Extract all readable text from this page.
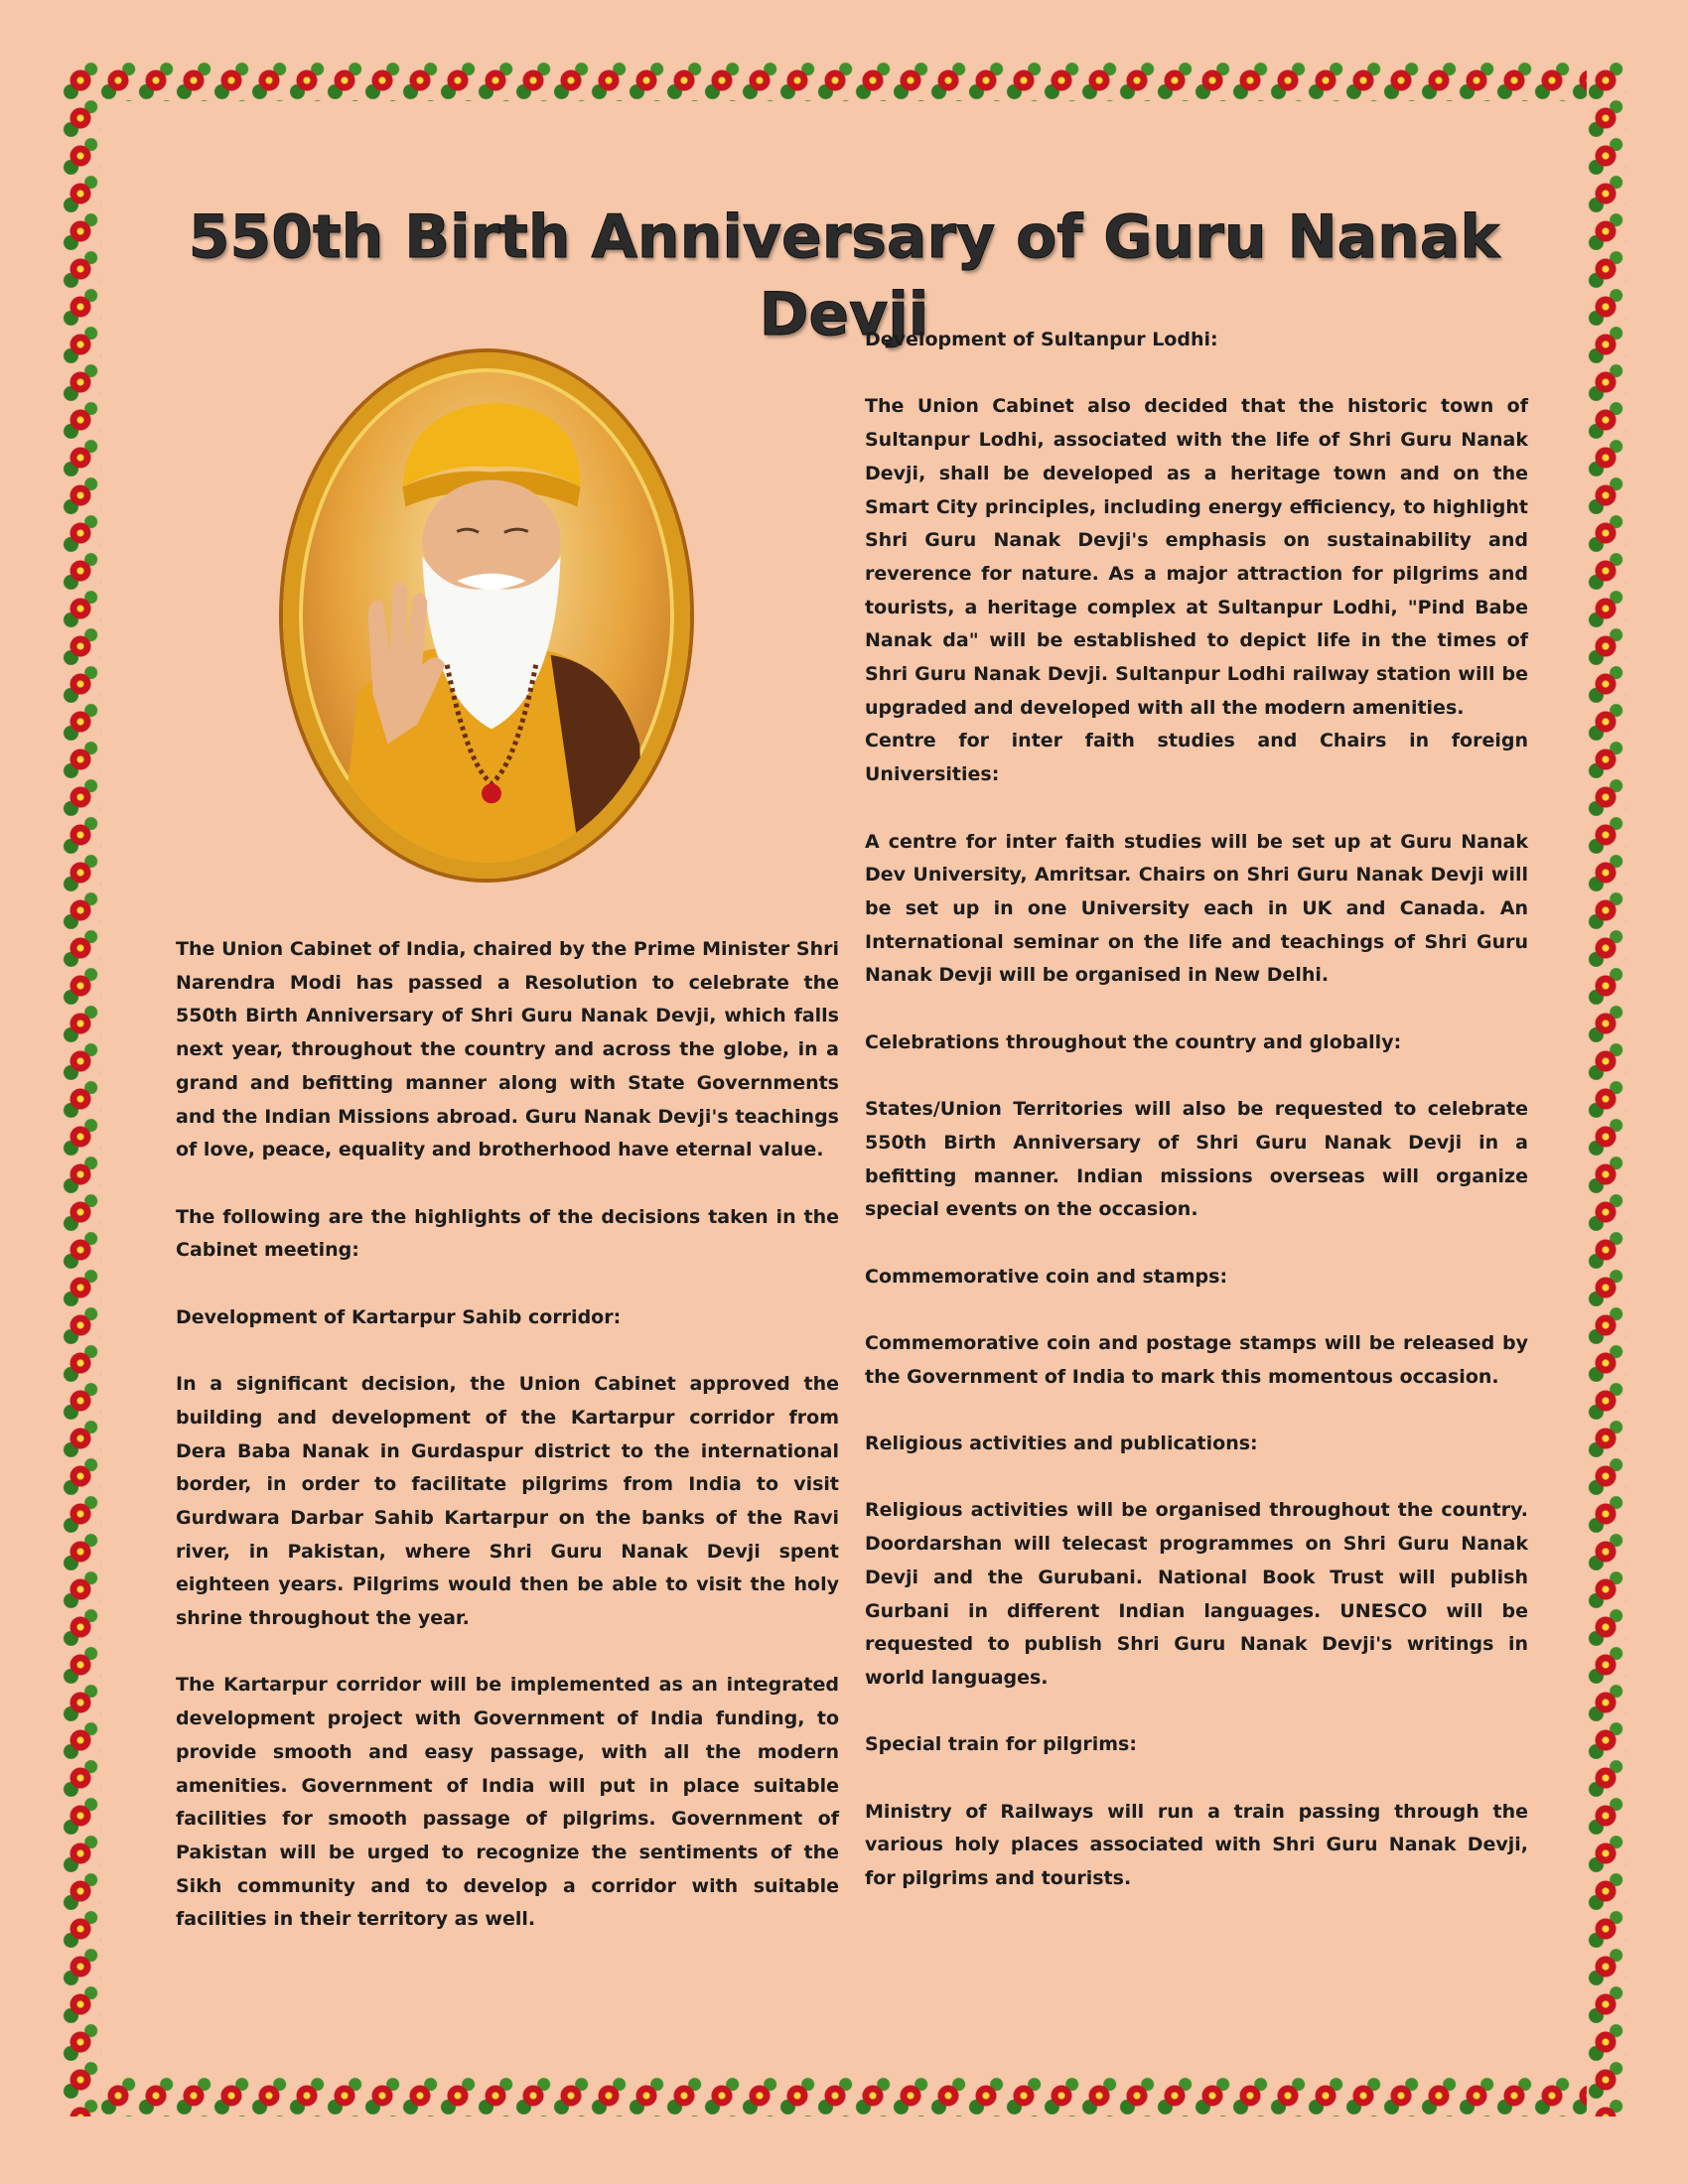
550th Birth Anniversary of Guru Nanak Devji

The Union Cabinet of India, chaired by the Prime Minister Shri Narendra Modi has passed a Resolution to celebrate the 550th Birth Anniversary of Shri Guru Nanak Devji, which falls next year, throughout the country and across the globe, in a grand and befitting manner along with State Governments and the Indian Missions abroad. Guru Nanak Devji's teachings of love, peace, equality and brotherhood have eternal value.

The following are the highlights of the decisions taken in the Cabinet meeting:

Development of Kartarpur Sahib corridor:

In a significant decision, the Union Cabinet approved the building and development of the Kartarpur corridor from Dera Baba Nanak in Gurdaspur district to the international border, in order to facilitate pilgrims from India to visit Gurdwara Darbar Sahib Kartarpur on the banks of the Ravi river, in Pakistan, where Shri Guru Nanak Devji spent eighteen years. Pilgrims would then be able to visit the holy shrine throughout the year.

The Kartarpur corridor will be implemented as an integrated development project with Government of India funding, to provide smooth and easy passage, with all the modern amenities. Government of India will put in place suitable facilities for smooth passage of pilgrims. Government of Pakistan will be urged to recognize the sentiments of the Sikh community and to develop a corridor with suitable facilities in their territory as well.

Development of Sultanpur Lodhi:

The Union Cabinet also decided that the historic town of Sultanpur Lodhi, associated with the life of Shri Guru Nanak Devji, shall be developed as a heritage town and on the Smart City principles, including energy efficiency, to highlight Shri Guru Nanak Devji's emphasis on sustainability and reverence for nature. As a major attraction for pilgrims and tourists, a heritage complex at Sultanpur Lodhi, "Pind Babe Nanak da" will be established to depict life in the times of Shri Guru Nanak Devji. Sultanpur Lodhi railway station will be upgraded and developed with all the modern amenities.

Centre for inter faith studies and Chairs in foreign Universities:

A centre for inter faith studies will be set up at Guru Nanak Dev University, Amritsar. Chairs on Shri Guru Nanak Devji will be set up in one University each in UK and Canada. An International seminar on the life and teachings of Shri Guru Nanak Devji will be organised in New Delhi.

Celebrations throughout the country and globally:

States/Union Territories will also be requested to celebrate 550th Birth Anniversary of Shri Guru Nanak Devji in a befitting manner. Indian missions overseas will organize special events on the occasion.

Commemorative coin and stamps:

Commemorative coin and postage stamps will be released by the Government of India to mark this momentous occasion.

Religious activities and publications:

Religious activities will be organised throughout the country. Doordarshan will telecast programmes on Shri Guru Nanak Devji and the Gurubani. National Book Trust will publish Gurbani in different Indian languages. UNESCO will be requested to publish Shri Guru Nanak Devji's writings in world languages.

Special train for pilgrims:

Ministry of Railways will run a train passing through the various holy places associated with Shri Guru Nanak Devji, for pilgrims and tourists.
